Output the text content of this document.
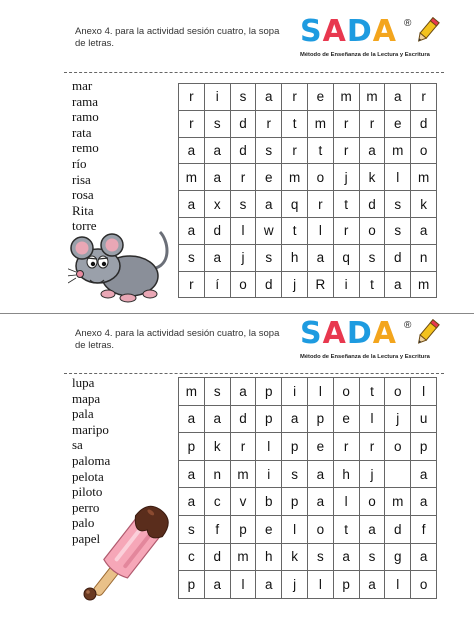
Anexo 4. para la actividad sesión cuatro, la sopa de letras.	SADA ®
Método de Enseñanza de la Lectura y Escritura
mar
rama
ramo
rata
remo
río
risa
rosa
Rita
torre
r	i	s	a	r	e	m	m	a	r
r	s	d	r	t	m	r	r	e	d
a	a	d	s	r	t	r	a	m	o
m	a	r	e	m	o	j	k	l	m
a	x	s	a	q	r	t	d	s	k
a	d	l	w	t	l	r	o	s	a
s	a	j	s	h	a	q	s	d	n
r	í	o	d	j	R	i	t	a	m
Anexo 4. para la actividad sesión cuatro, la sopa de letras.	SADA ®
Método de Enseñanza de la Lectura y Escritura
lupa
mapa
pala
maripo
sa
paloma
pelota
piloto
perro
palo
papel
m	s	a	p	i	l	o	t	o	l
a	a	d	p	a	p	e	l	j	u
p	k	r	l	p	e	r	r	o	p
a	n	m	i	s	a	h	j		a
a	c	v	b	p	a	l	o	m	a
s	f	p	e	l	o	t	a	d	f
c	d	m	h	k	s	a	s	g	a
p	a	l	a	j	l	p	a	l	o
